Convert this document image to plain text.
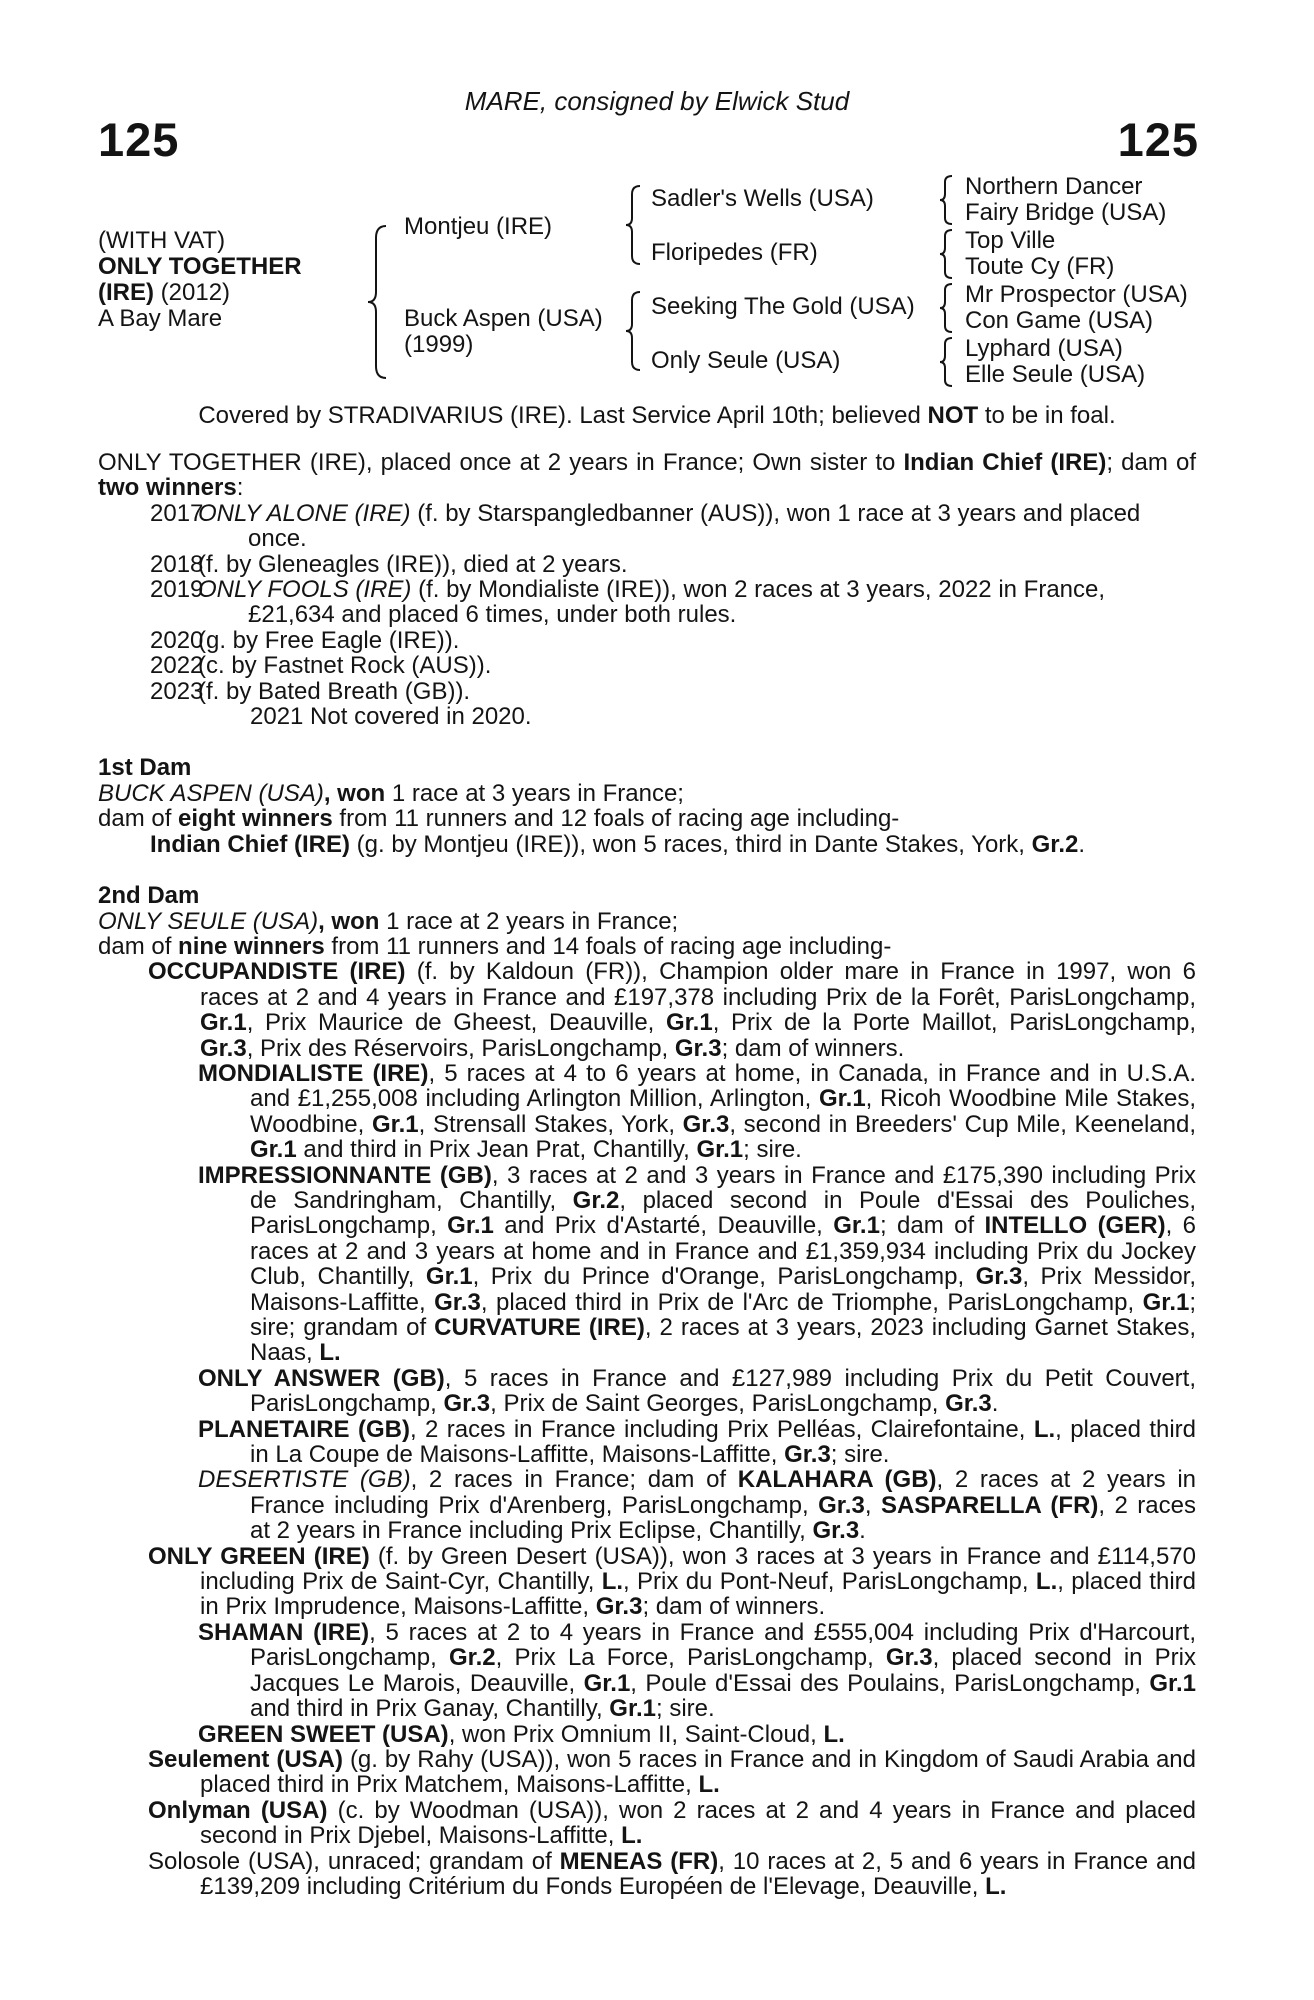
125
MARE, consigned by Elwick Stud
125
(WITH VAT)
ONLY TOGETHER
(IRE) (2012)
A Bay Mare
Montjeu (IRE)
Buck Aspen (USA)
(1999)
Sadler's Wells (USA)
Floripedes (FR)
Seeking The Gold (USA)
Only Seule (USA)
Northern Dancer
Fairy Bridge (USA)
Top Ville
Toute Cy (FR)
Mr Prospector (USA)
Con Game (USA)
Lyphard (USA)
Elle Seule (USA)
Covered by STRADIVARIUS (IRE). Last Service April 10th; believed NOT to be in foal.

ONLY TOGETHER (IRE), placed once at 2 years in France; Own sister to Indian Chief (IRE); dam of two winners:

2017
ONLY ALONE (IRE) (f. by Starspangledbanner (AUS)), won 1 race at 3 years and placed once.
2018
(f. by Gleneagles (IRE)), died at 2 years.
2019
ONLY FOOLS (IRE) (f. by Mondialiste (IRE)), won 2 races at 3 years, 2022 in France, £21,634 and placed 6 times, under both rules.
2020
(g. by Free Eagle (IRE)).
2022
(c. by Fastnet Rock (AUS)).
2023
(f. by Bated Breath (GB)).

2021 Not covered in 2020.

1st Dam

BUCK ASPEN (USA), won 1 race at 3 years in France;

dam of eight winners from 11 runners and 12 foals of racing age including-

Indian Chief (IRE) (g. by Montjeu (IRE)), won 5 races, third in Dante Stakes, York, Gr.2.

2nd Dam

ONLY SEULE (USA), won 1 race at 2 years in France;

dam of nine winners from 11 runners and 14 foals of racing age including-

OCCUPANDISTE (IRE) (f. by Kaldoun (FR)), Champion older mare in France in 1997, won 6 races at 2 and 4 years in France and £197,378 including Prix de la Forêt, ParisLongchamp, Gr.1, Prix Maurice de Gheest, Deauville, Gr.1, Prix de la Porte Maillot, ParisLongchamp, Gr.3, Prix des Réservoirs, ParisLongchamp, Gr.3; dam of winners.

MONDIALISTE (IRE), 5 races at 4 to 6 years at home, in Canada, in France and in U.S.A. and £1,255,008 including Arlington Million, Arlington, Gr.1, Ricoh Woodbine Mile Stakes, Woodbine, Gr.1, Strensall Stakes, York, Gr.3, second in Breeders' Cup Mile, Keeneland, Gr.1 and third in Prix Jean Prat, Chantilly, Gr.1; sire.

IMPRESSIONNANTE (GB), 3 races at 2 and 3 years in France and £175,390 including Prix de Sandringham, Chantilly, Gr.2, placed second in Poule d'Essai des Pouliches, ParisLongchamp, Gr.1 and Prix d'Astarté, Deauville, Gr.1; dam of INTELLO (GER), 6 races at 2 and 3 years at home and in France and £1,359,934 including Prix du Jockey Club, Chantilly, Gr.1, Prix du Prince d'Orange, ParisLongchamp, Gr.3, Prix Messidor, Maisons-Laffitte, Gr.3, placed third in Prix de l'Arc de Triomphe, ParisLongchamp, Gr.1; sire; grandam of CURVATURE (IRE), 2 races at 3 years, 2023 including Garnet Stakes, Naas, L.

ONLY ANSWER (GB), 5 races in France and £127,989 including Prix du Petit Couvert, ParisLongchamp, Gr.3, Prix de Saint Georges, ParisLongchamp, Gr.3.

PLANETAIRE (GB), 2 races in France including Prix Pelléas, Clairefontaine, L., placed third in La Coupe de Maisons-Laffitte, Maisons-Laffitte, Gr.3; sire.

DESERTISTE (GB), 2 races in France; dam of KALAHARA (GB), 2 races at 2 years in France including Prix d'Arenberg, ParisLongchamp, Gr.3, SASPARELLA (FR), 2 races at 2 years in France including Prix Eclipse, Chantilly, Gr.3.

ONLY GREEN (IRE) (f. by Green Desert (USA)), won 3 races at 3 years in France and £114,570 including Prix de Saint-Cyr, Chantilly, L., Prix du Pont-Neuf, ParisLongchamp, L., placed third in Prix Imprudence, Maisons-Laffitte, Gr.3; dam of winners.

SHAMAN (IRE), 5 races at 2 to 4 years in France and £555,004 including Prix d'Harcourt, ParisLongchamp, Gr.2, Prix La Force, ParisLongchamp, Gr.3, placed second in Prix Jacques Le Marois, Deauville, Gr.1, Poule d'Essai des Poulains, ParisLongchamp, Gr.1 and third in Prix Ganay, Chantilly, Gr.1; sire.

GREEN SWEET (USA), won Prix Omnium II, Saint-Cloud, L.

Seulement (USA) (g. by Rahy (USA)), won 5 races in France and in Kingdom of Saudi Arabia and placed third in Prix Matchem, Maisons-Laffitte, L.

Onlyman (USA) (c. by Woodman (USA)), won 2 races at 2 and 4 years in France and placed second in Prix Djebel, Maisons-Laffitte, L.

Solosole (USA), unraced; grandam of MENEAS (FR), 10 races at 2, 5 and 6 years in France and £139,209 including Critérium du Fonds Européen de l'Elevage, Deauville, L.
